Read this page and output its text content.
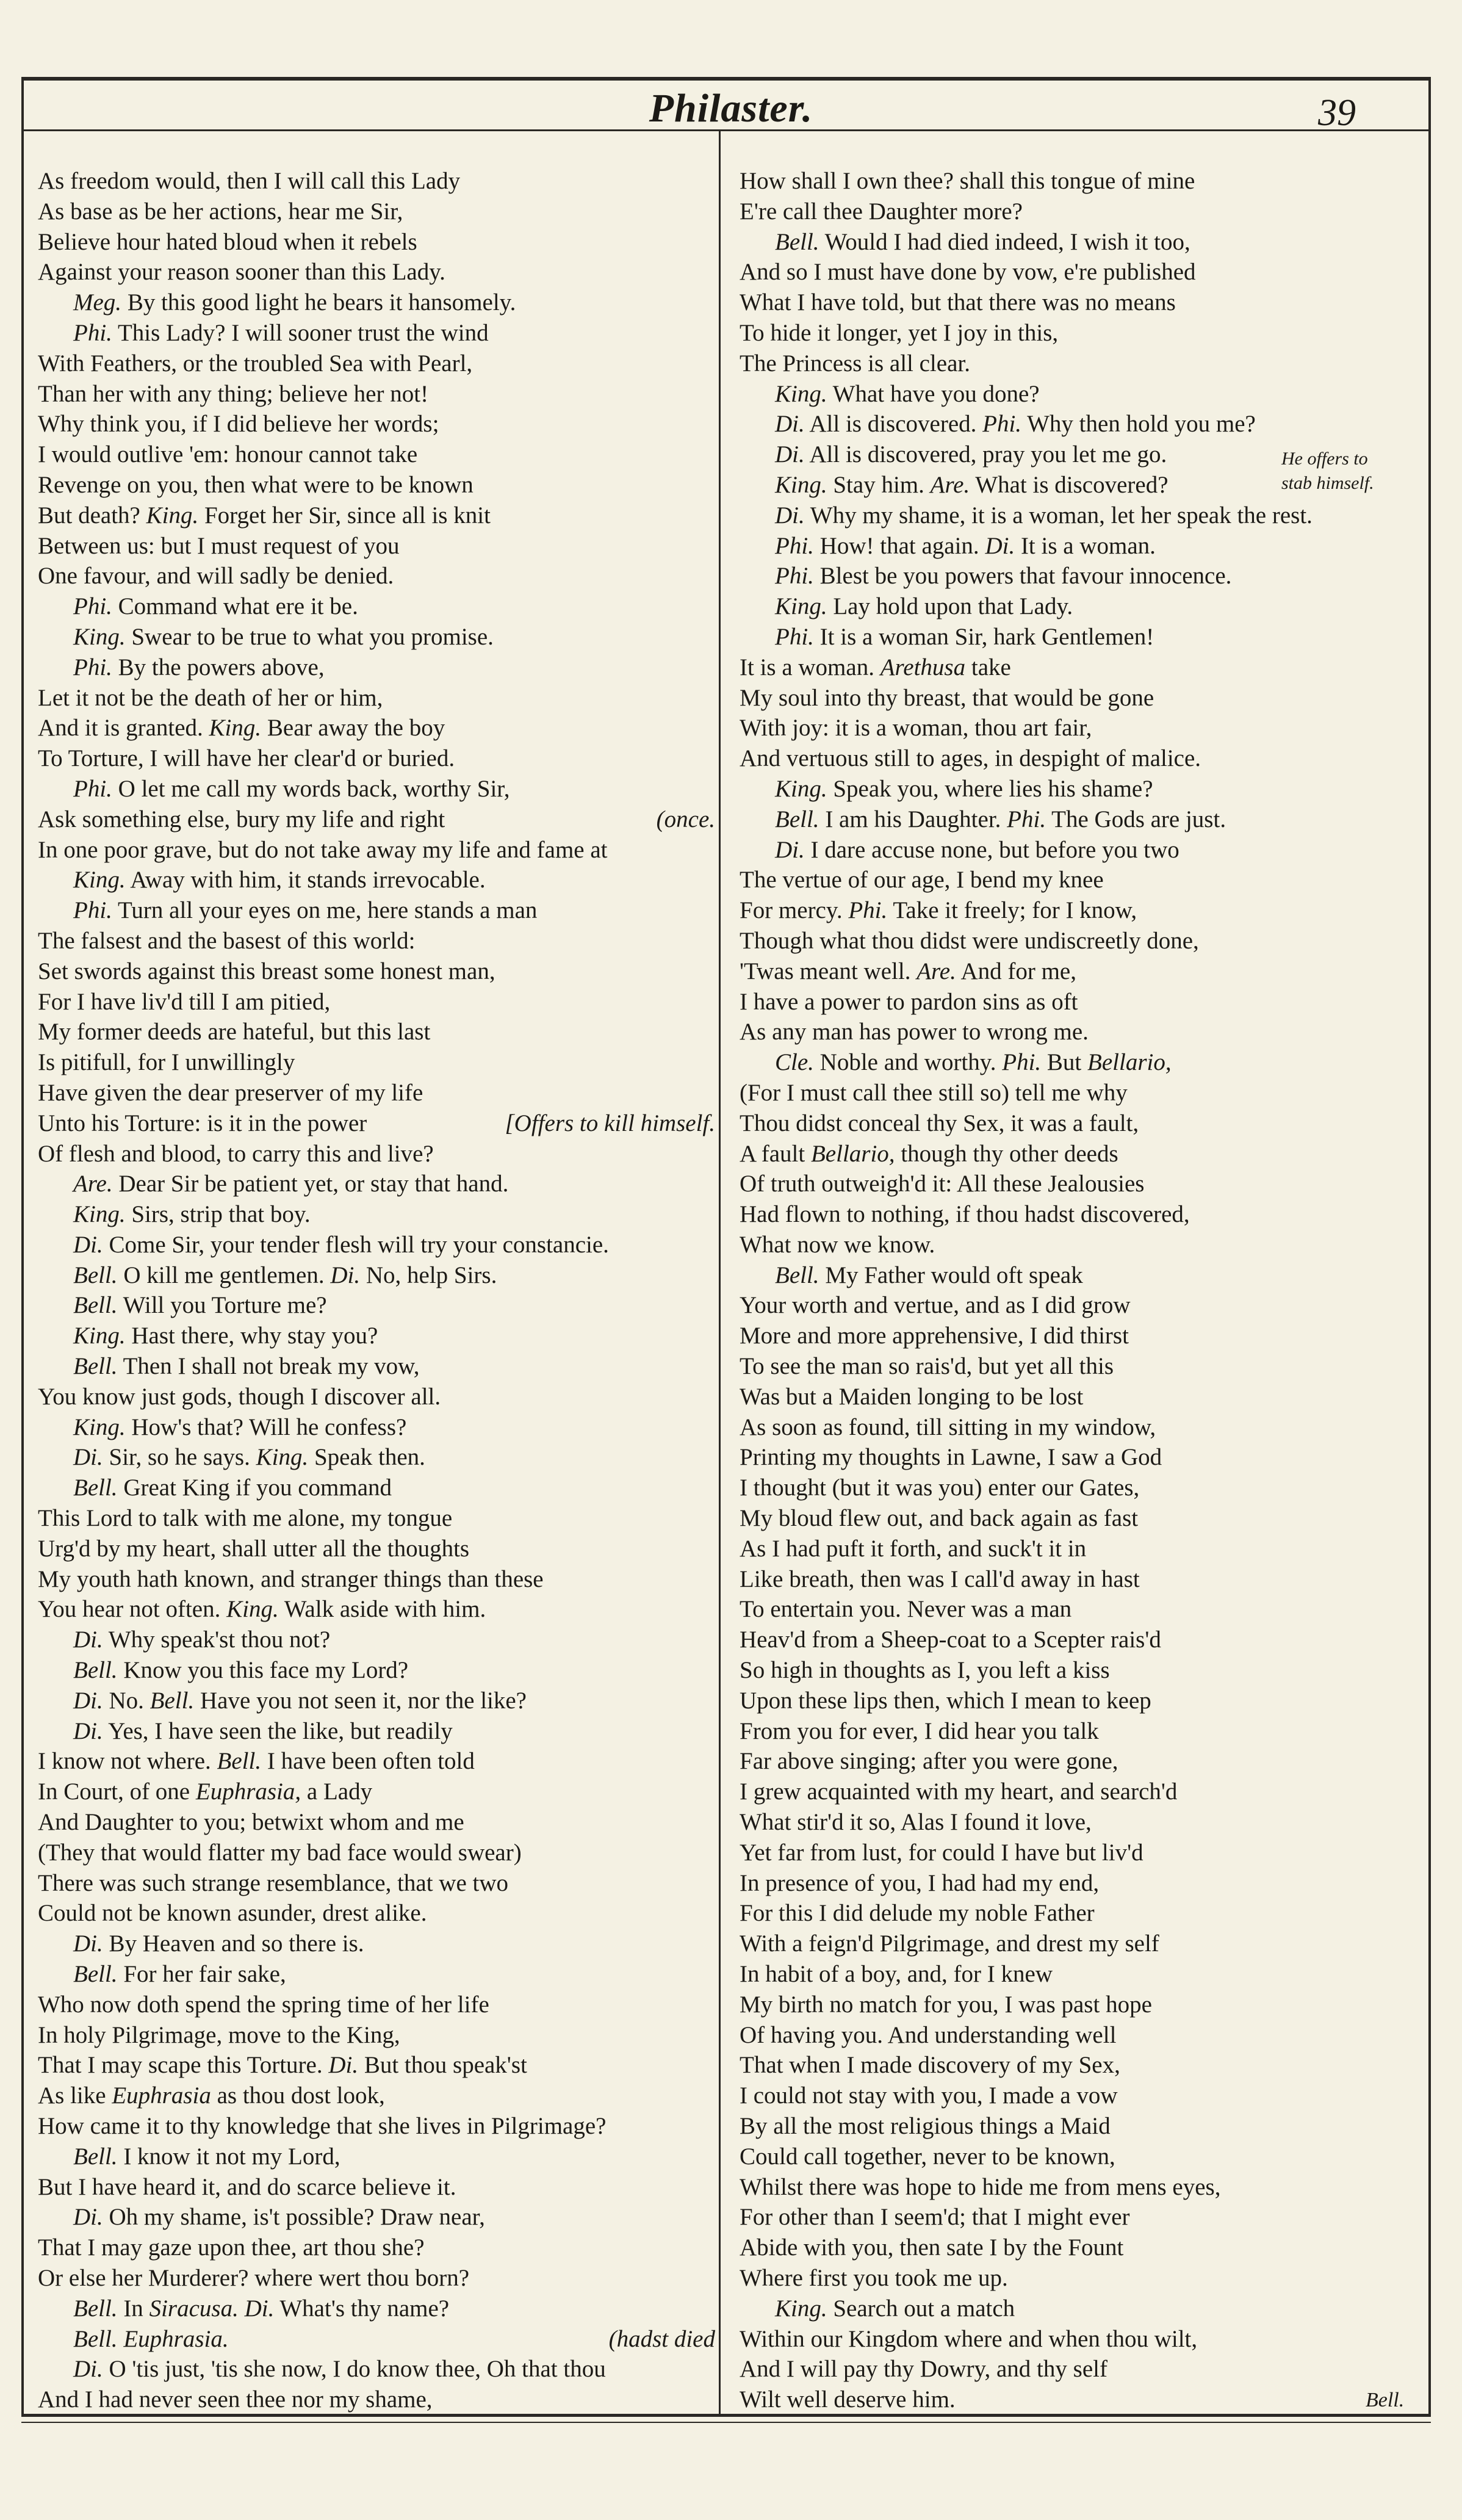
Philaster.	39
As freedom would, then I will call this Lady
As base as be her actions, hear me Sir,
Believe hour hated bloud when it rebels
Against your reason sooner than this Lady.
Meg. By this good light he bears it hansomely.
Phi. This Lady? I will sooner trust the wind
With Feathers, or the troubled Sea with Pearl,
Than her with any thing; believe her not!
Why think you, if I did believe her words;
I would outlive 'em: honour cannot take
Revenge on you, then what were to be known
But death? King. Forget her Sir, since all is knit
Between us: but I must request of you
One favour, and will sadly be denied.
Phi. Command what ere it be.
King. Swear to be true to what you promise.
Phi. By the powers above,
Let it not be the death of her or him,
And it is granted. King. Bear away the boy
To Torture, I will have her clear'd or buried.
Phi. O let me call my words back, worthy Sir,
Ask something else, bury my life and right	(once.
In one poor grave, but do not take away my life and fame at
King. Away with him, it stands irrevocable.
Phi. Turn all your eyes on me, here stands a man
The falsest and the basest of this world:
Set swords against this breast some honest man,
For I have liv'd till I am pitied,
My former deeds are hateful, but this last
Is pitifull, for I unwillingly
Have given the dear preserver of my life
Unto his Torture: is it in the power	[Offers to kill himself.
Of flesh and blood, to carry this and live?
Are. Dear Sir be patient yet, or stay that hand.
King. Sirs, strip that boy.
Di. Come Sir, your tender flesh will try your constancie.
Bell. O kill me gentlemen. Di. No, help Sirs.
Bell. Will you Torture me?
King. Hast there, why stay you?
Bell. Then I shall not break my vow,
You know just gods, though I discover all.
King. How's that? Will he confess?
Di. Sir, so he says. King. Speak then.
Bell. Great King if you command
This Lord to talk with me alone, my tongue
Urg'd by my heart, shall utter all the thoughts
My youth hath known, and stranger things than these
You hear not often. King. Walk aside with him.
Di. Why speak'st thou not?
Bell. Know you this face my Lord?
Di. No. Bell. Have you not seen it, nor the like?
Di. Yes, I have seen the like, but readily
I know not where. Bell. I have been often told
In Court, of one Euphrasia, a Lady
And Daughter to you; betwixt whom and me
(They that would flatter my bad face would swear)
There was such strange resemblance, that we two
Could not be known asunder, drest alike.
Di. By Heaven and so there is.
Bell. For her fair sake,
Who now doth spend the spring time of her life
In holy Pilgrimage, move to the King,
That I may scape this Torture. Di. But thou speak'st
As like Euphrasia as thou dost look,
How came it to thy knowledge that she lives in Pilgrimage?
Bell. I know it not my Lord,
But I have heard it, and do scarce believe it.
Di. Oh my shame, is't possible? Draw near,
That I may gaze upon thee, art thou she?
Or else her Murderer? where wert thou born?
Bell. In Siracusa. Di. What's thy name?
Bell. Euphrasia.	(hadst died
Di. O 'tis just, 'tis she now, I do know thee, Oh that thou
And I had never seen thee nor my shame,
How shall I own thee? shall this tongue of mine
E're call thee Daughter more?
Bell. Would I had died indeed, I wish it too,
And so I must have done by vow, e're published
What I have told, but that there was no means
To hide it longer, yet I joy in this,
The Princess is all clear.
King. What have you done?
Di. All is discovered. Phi. Why then hold you me?
Di. All is discovered, pray you let me go.
King. Stay him. Are. What is discovered?
Di. Why my shame, it is a woman, let her speak the rest.
Phi. How! that again. Di. It is a woman.
Phi. Blest be you powers that favour innocence.
King. Lay hold upon that Lady.
Phi. It is a woman Sir, hark Gentlemen!
It is a woman. Arethusa take
My soul into thy breast, that would be gone
With joy: it is a woman, thou art fair,
And vertuous still to ages, in despight of malice.
King. Speak you, where lies his shame?
Bell. I am his Daughter. Phi. The Gods are just.
Di. I dare accuse none, but before you two
The vertue of our age, I bend my knee
For mercy. Phi. Take it freely; for I know,
Though what thou didst were undiscreetly done,
'Twas meant well. Are. And for me,
I have a power to pardon sins as oft
As any man has power to wrong me.
Cle. Noble and worthy. Phi. But Bellario,
(For I must call thee still so) tell me why
Thou didst conceal thy Sex, it was a fault,
A fault Bellario, though thy other deeds
Of truth outweigh'd it: All these Jealousies
Had flown to nothing, if thou hadst discovered,
What now we know.
Bell. My Father would oft speak
Your worth and vertue, and as I did grow
More and more apprehensive, I did thirst
To see the man so rais'd, but yet all this
Was but a Maiden longing to be lost
As soon as found, till sitting in my window,
Printing my thoughts in Lawne, I saw a God
I thought (but it was you) enter our Gates,
My bloud flew out, and back again as fast
As I had puft it forth, and suck't it in
Like breath, then was I call'd away in hast
To entertain you. Never was a man
Heav'd from a Sheep-coat to a Scepter rais'd
So high in thoughts as I, you left a kiss
Upon these lips then, which I mean to keep
From you for ever, I did hear you talk
Far above singing; after you were gone,
I grew acquainted with my heart, and search'd
What stir'd it so, Alas I found it love,
Yet far from lust, for could I have but liv'd
In presence of you, I had had my end,
For this I did delude my noble Father
With a feign'd Pilgrimage, and drest my self
In habit of a boy, and, for I knew
My birth no match for you, I was past hope
Of having you. And understanding well
That when I made discovery of my Sex,
I could not stay with you, I made a vow
By all the most religious things a Maid
Could call together, never to be known,
Whilst there was hope to hide me from mens eyes,
For other than I seem'd; that I might ever
Abide with you, then sate I by the Fount
Where first you took me up.
King. Search out a match
Within our Kingdom where and when thou wilt,
And I will pay thy Dowry, and thy self
Wilt well deserve him.
He offers to
stab himself.
Bell.
